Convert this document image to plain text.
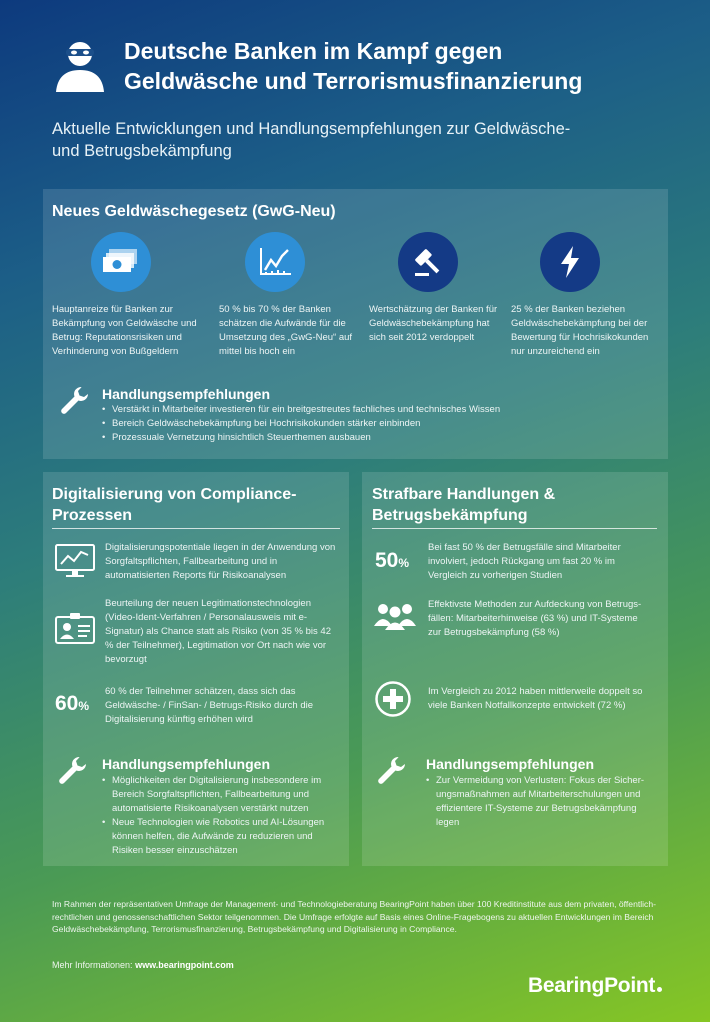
Deutsche Banken im Kampf gegen
Geldwäsche und Terrorismusfinanzierung
Aktuelle Entwicklungen und Handlungsempfehlungen zur Geldwäsche-
und Betrugsbekämpfung
Neues Geldwäschegesetz (GwG-Neu)
Hauptanreize für Banken zur Bekämpfung von Geldwäsche und Betrug: Reputationsrisiken und Verhinderung von Bußgeldern
50 % bis 70 % der Banken schätzen die Aufwände für die Umsetzung des „GwG-Neu“ auf mittel bis hoch ein
Wertschätzung der Banken für Geldwäschebekämpfung hat sich seit 2012 verdoppelt
25 % der Banken beziehen Geldwäschebekämpfung bei der Bewertung für Hochrisikokunden nur unzureichend ein
Handlungsempfehlungen
• Verstärkt in Mitarbeiter investieren für ein breitgestreutes fachliches und technisches Wissen
• Bereich Geldwäschebekämpfung bei Hochrisikokunden stärker einbinden
• Prozessuale Vernetzung hinsichtlich Steuerthemen ausbauen
Digitalisierung von Compliance-
Prozessen
Digitalisierungspotentiale liegen in der Anwendung von Sorgfaltspflichten, Fallbearbeitung und in automatisierten Reports für Risikoanalysen
Beurteilung der neuen Legitimationstechnologien (Video-Ident-Verfahren / Personalausweis mit e-Signatur) als Chance statt als Risiko (von 35 % bis 42 % der Teilnehmer), Legitimation vor Ort nach wie vor bevorzugt
60%
60 % der Teilnehmer schätzen, dass sich das Geldwäsche- / FinSan- / Betrugs-Risiko durch die Digitalisierung künftig erhöhen wird
Handlungsempfehlungen
• Möglichkeiten der Digitalisierung insbesondere im Bereich Sorgfaltspflichten, Fallbearbeitung und automatisierte Risikoanalysen verstärkt nutzen
• Neue Technologien wie Robotics und AI-Lösungen können helfen, die Aufwände zu reduzieren und Risiken besser einzuschätzen
Strafbare Handlungen &
Betrugsbekämpfung
50%
Bei fast 50 % der Betrugsfälle sind Mitarbeiter involviert, jedoch Rückgang um fast 20 % im Vergleich zu vorherigen Studien
Effektivste Methoden zur Aufdeckung von Betrugs-fällen: Mitarbeiterhinweise (63 %) und IT-Systeme zur Betrugsbekämpfung (58 %)
Im Vergleich zu 2012 haben mittlerweile doppelt so viele Banken Notfallkonzepte entwickelt (72 %)
Handlungsempfehlungen
• Zur Vermeidung von Verlusten: Fokus der Sicher-ungsmaßnahmen auf Mitarbeiterschulungen und effizientere IT-Systeme zur Betrugsbekämpfung legen
Im Rahmen der repräsentativen Umfrage der Management- und Technologieberatung BearingPoint haben über 100 Kreditinstitute aus dem privaten, öffentlich-rechtlichen und genossenschaftlichen Sektor teilgenommen. Die Umfrage erfolgte auf Basis eines Online-Fragebogens zu aktuellen Entwicklungen im Bereich Geldwäschebekämpfung, Terrorismusfinanzierung, Betrugsbekämpfung und Digitalisierung in Compliance.
Mehr Informationen: www.bearingpoint.com
BearingPoint
